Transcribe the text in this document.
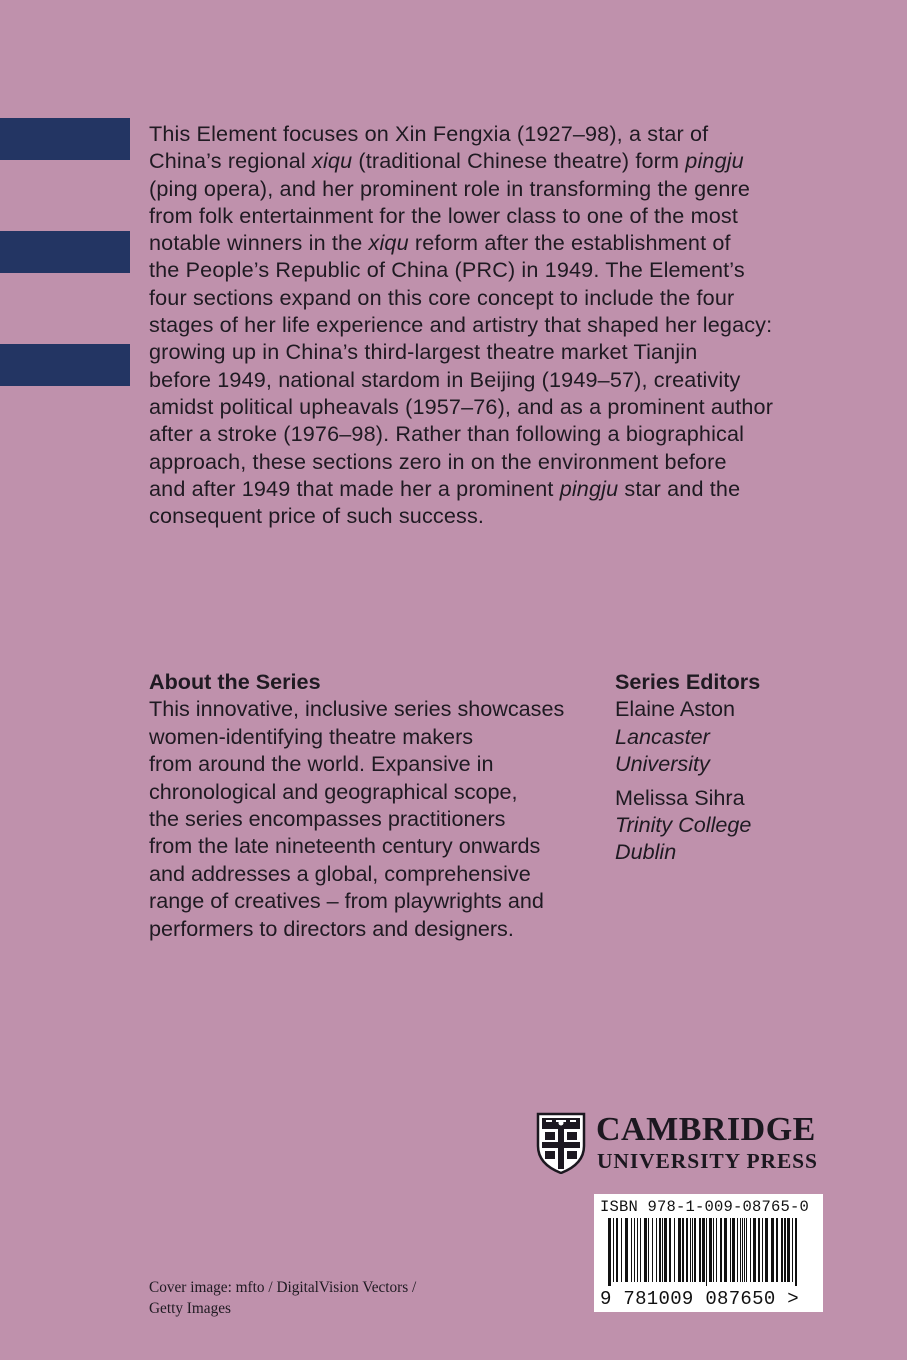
This Element focuses on Xin Fengxia (1927–98), a star of
China’s regional xiqu (traditional Chinese theatre) form pingju
(ping opera), and her prominent role in transforming the genre
from folk entertainment for the lower class to one of the most
notable winners in the xiqu reform after the establishment of
the People’s Republic of China (PRC) in 1949. The Element’s
four sections expand on this core concept to include the four
stages of her life experience and artistry that shaped her legacy:
growing up in China’s third-largest theatre market Tianjin
before 1949, national stardom in Beijing (1949–57), creativity
amidst political upheavals (1957–76), and as a prominent author
after a stroke (1976–98). Rather than following a biographical
approach, these sections zero in on the environment before
and after 1949 that made her a prominent pingju star and the
consequent price of such success.
About the Series
This innovative, inclusive series showcases
women-identifying theatre makers
from around the world. Expansive in
chronological and geographical scope,
the series encompasses practitioners
from the late nineteenth century onwards
and addresses a global, comprehensive
range of creatives – from playwrights and
performers to directors and designers.
Series Editors
Elaine Aston
Lancaster
University
Melissa Sihra
Trinity College
Dublin
CAMBRIDGE
UNIVERSITY PRESS
ISBN 978-1-009-08765-0
9 781009 087650 >
Cover image: mfto / DigitalVision Vectors /
Getty Images
